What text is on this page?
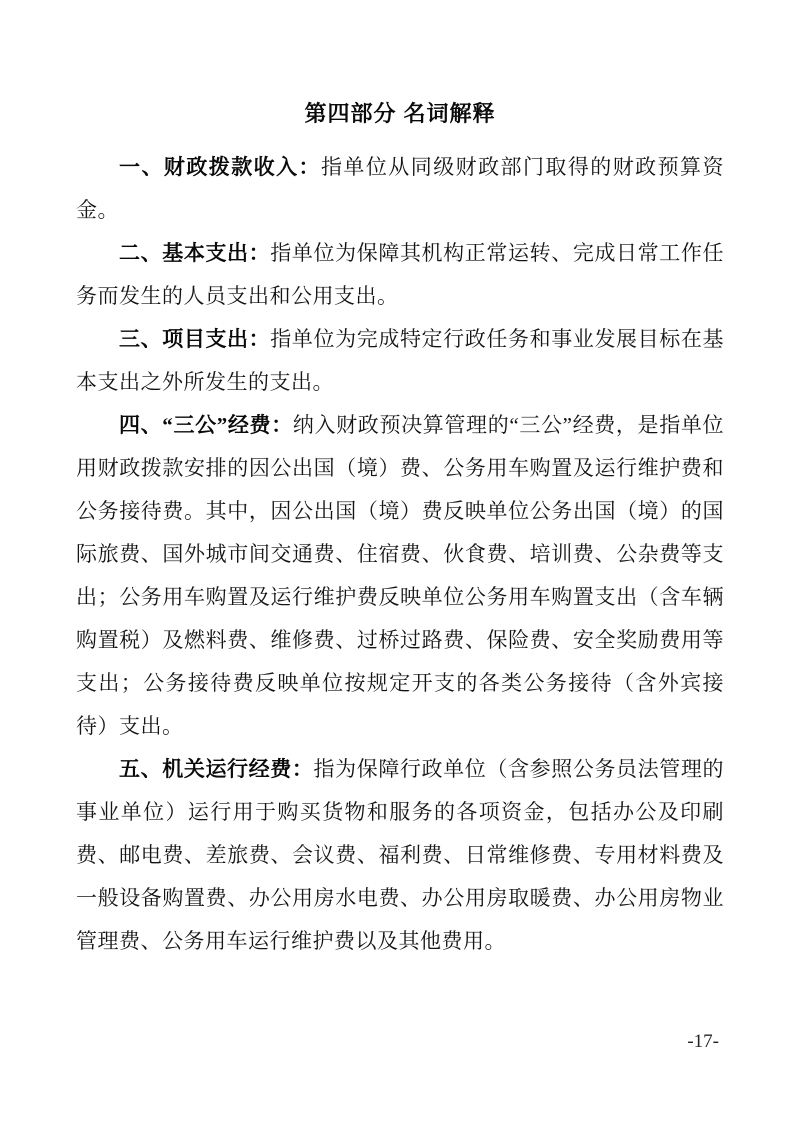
第四部分 名词解释

一、财政拨款收入：指单位从同级财政部门取得的财政预算资金。

二、基本支出：指单位为保障其机构正常运转、完成日常工作任务而发生的人员支出和公用支出。

三、项目支出：指单位为完成特定行政任务和事业发展目标在基本支出之外所发生的支出。

四、“三公”经费：纳入财政预决算管理的“三公”经费，是指单位用财政拨款安排的因公出国（境）费、公务用车购置及运行维护费和公务接待费。其中，因公出国（境）费反映单位公务出国（境）的国际旅费、国外城市间交通费、住宿费、伙食费、培训费、公杂费等支出；公务用车购置及运行维护费反映单位公务用车购置支出（含车辆购置税）及燃料费、维修费、过桥过路费、保险费、安全奖励费用等支出；公务接待费反映单位按规定开支的各类公务接待（含外宾接待）支出。

五、机关运行经费：指为保障行政单位（含参照公务员法管理的事业单位）运行用于购买货物和服务的各项资金，包括办公及印刷费、邮电费、差旅费、会议费、福利费、日常维修费、专用材料费及一般设备购置费、办公用房水电费、办公用房取暖费、办公用房物业管理费、公务用车运行维护费以及其他费用。

-17-
